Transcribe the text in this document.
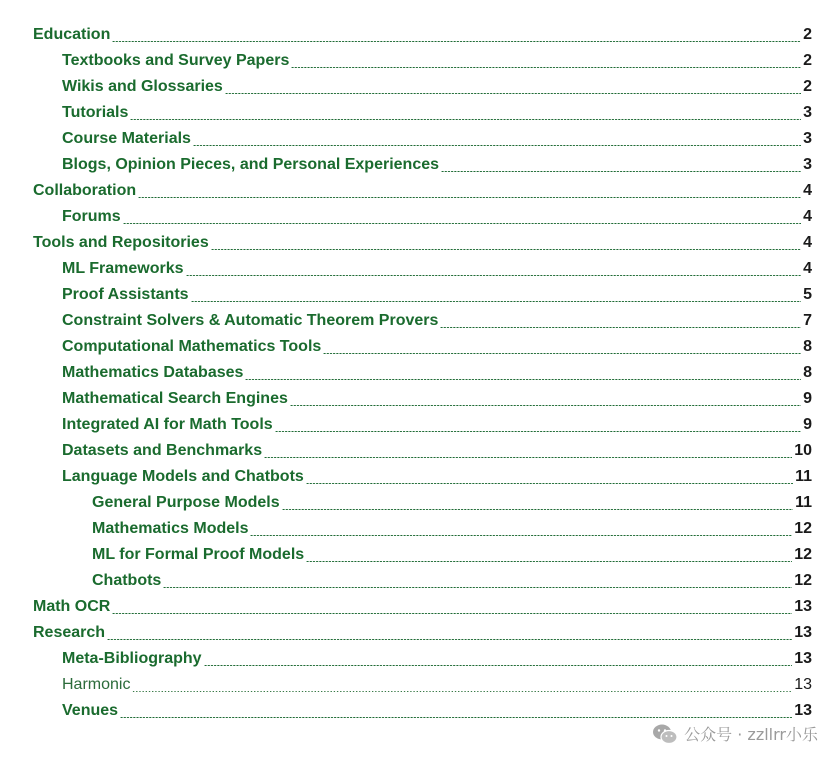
Education	2
Textbooks and Survey Papers	2
Wikis and Glossaries	2
Tutorials	3
Course Materials	3
Blogs, Opinion Pieces, and Personal Experiences	3
Collaboration	4
Forums	4
Tools and Repositories	4
ML Frameworks	4
Proof Assistants	5
Constraint Solvers & Automatic Theorem Provers	7
Computational Mathematics Tools	8
Mathematics Databases	8
Mathematical Search Engines	9
Integrated AI for Math Tools	9
Datasets and Benchmarks	10
Language Models and Chatbots	11
General Purpose Models	11
Mathematics Models	12
ML for Formal Proof Models	12
Chatbots	12
Math OCR	13
Research	13
Meta-Bibliography	13
Harmonic	13
Venues	13
公众号 · zzllrr小乐
